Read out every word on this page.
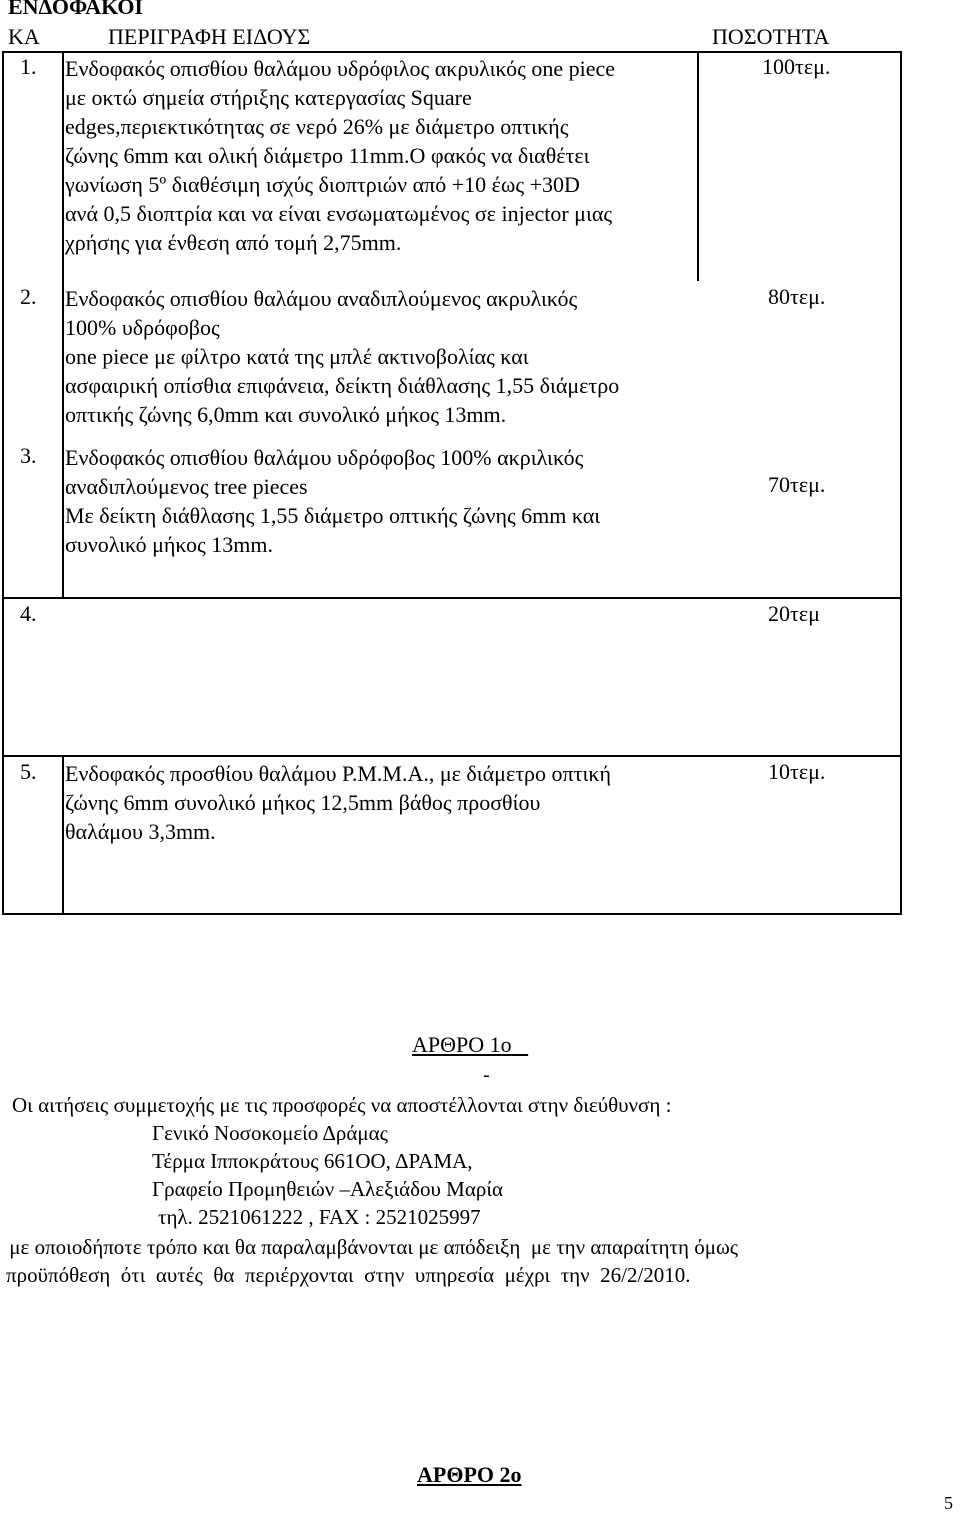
ΕΝΔΟΦΑΚΟΙ
ΚΑ	ΠΕΡΙΓΡΑΦΗ ΕΙΔΟΥΣ	ΠΟΣΟΤΗΤΑ
1. Ενδοφακός οπισθίου θαλάμου υδρόφιλος ακρυλικός one piece
με οκτώ σημεία στήριξης κατεργασίας Square
edges,περιεκτικότητας σε νερό 26% με διάμετρο οπτικής
ζώνης 6mm και ολική διάμετρο 11mm.Ο φακός να διαθέτει
γωνίωση 5º διαθέσιμη ισχύς διοπτριών από +10 έως +30D
ανά 0,5 διοπτρία και να είναι ενσωματωμένος σε injector μιας
χρήσης για ένθεση από τομή 2,75mm.
100τεμ.
2. Ενδοφακός οπισθίου θαλάμου αναδιπλούμενος ακρυλικός
100% υδρόφοβος
one piece με φίλτρο κατά της μπλέ ακτινοβολίας και
ασφαιρική οπίσθια επιφάνεια, δείκτη διάθλασης 1,55 διάμετρο
οπτικής ζώνης 6,0mm και συνολικό μήκος 13mm.
80τεμ.
3. Ενδοφακός οπισθίου θαλάμου υδρόφοβος 100% ακριλικός
αναδιπλούμενος tree pieces
Με δείκτη διάθλασης 1,55 διάμετρο οπτικής ζώνης 6mm και
συνολικό μήκος 13mm.
70τεμ.
4.	20τεμ
5. Ενδοφακός προσθίου θαλάμου P.M.M.A., με διάμετρο οπτική
ζώνης 6mm συνολικό μήκος 12,5mm βάθος προσθίου
θαλάμου 3,3mm.
10τεμ.
ΑΡΘΡΟ 1ο
-
Οι αιτήσεις συμμετοχής με τις προσφορές να αποστέλλονται στην διεύθυνση :
Γενικό Νοσοκομείο Δράμας
Τέρμα Ιπποκράτους 661ΟΟ, ΔΡΑΜΑ,
Γραφείο Προμηθειών –Αλεξιάδου Μαρία
τηλ. 2521061222 , FAX : 2521025997
με οποιοδήποτε τρόπο και θα παραλαμβάνονται με απόδειξη  με την απαραίτητη όμως
προϋπόθεση  ότι  αυτές  θα  περιέρχονται  στην  υπηρεσία  μέχρι  την  26/2/2010.
ΑΡΘΡΟ 2ο
5
